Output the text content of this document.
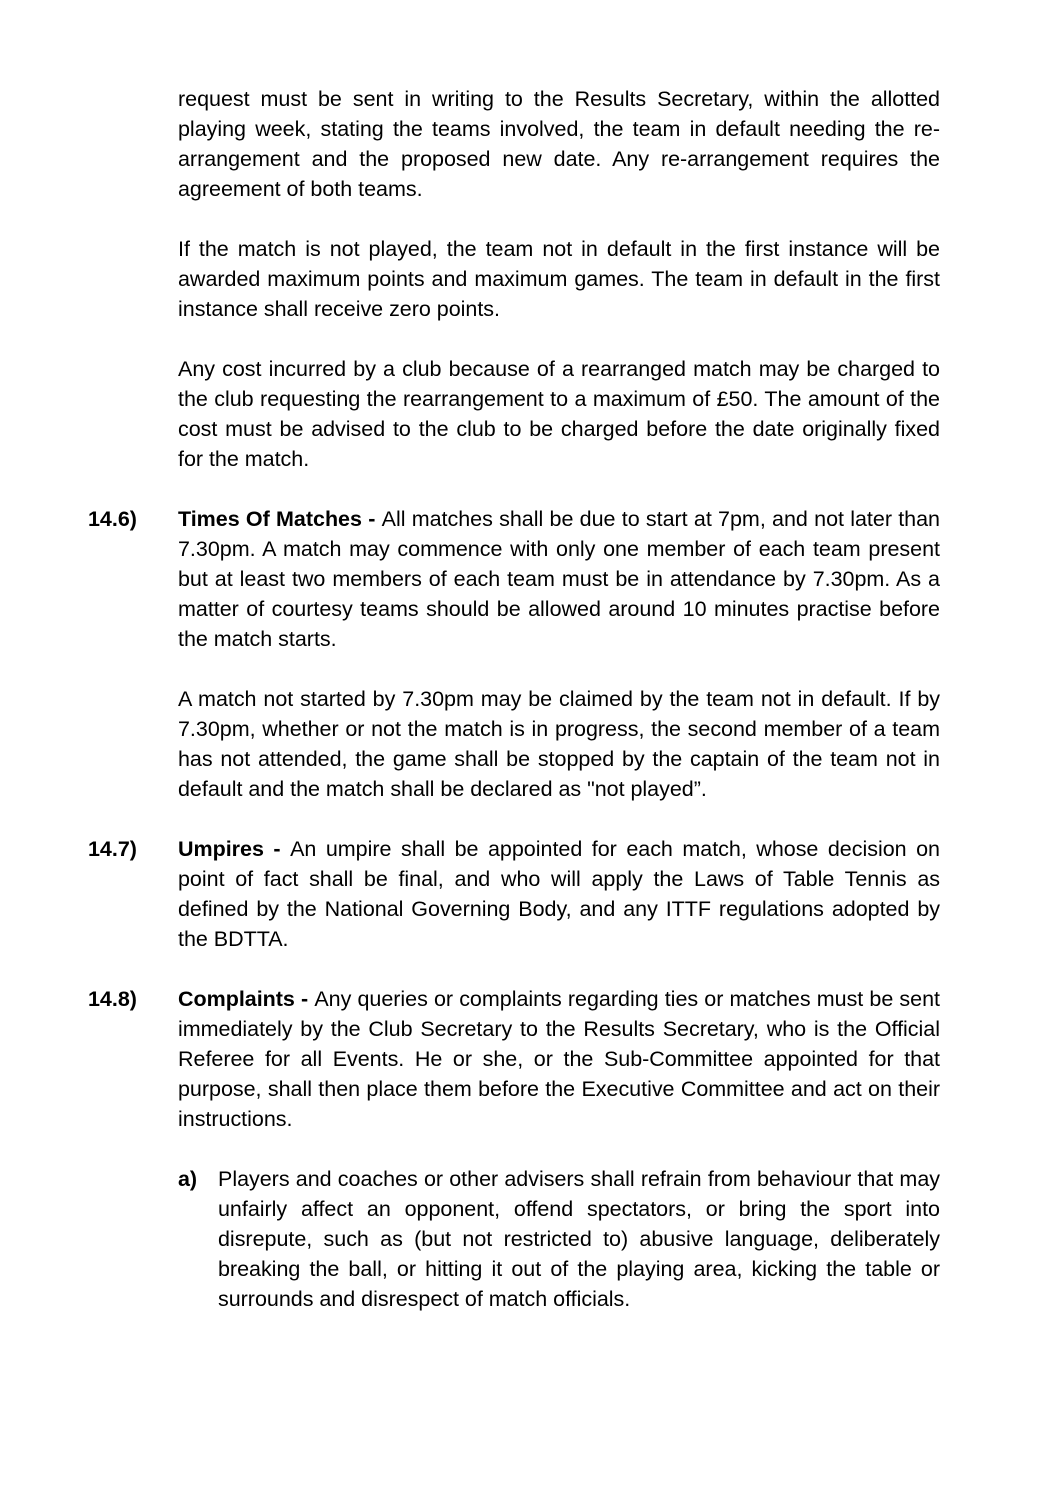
request must be sent in writing to the Results Secretary, within the allotted playing week, stating the teams involved, the team in default needing the re-arrangement and the proposed new date. Any re-arrangement requires the agreement of both teams.

If the match is not played, the team not in default in the first instance will be awarded maximum points and maximum games. The team in default in the first instance shall receive zero points.

Any cost incurred by a club because of a rearranged match may be charged to the club requesting the rearrangement to a maximum of £50. The amount of the cost must be advised to the club to be charged before the date originally fixed for the match.

14.6) Times Of Matches - All matches shall be due to start at 7pm, and not later than 7.30pm. A match may commence with only one member of each team present but at least two members of each team must be in attendance by 7.30pm. As a matter of courtesy teams should be allowed around 10 minutes practise before the match starts.

A match not started by 7.30pm may be claimed by the team not in default. If by 7.30pm, whether or not the match is in progress, the second member of a team has not attended, the game shall be stopped by the captain of the team not in default and the match shall be declared as "not played”.

14.7) Umpires - An umpire shall be appointed for each match, whose decision on point of fact shall be final, and who will apply the Laws of Table Tennis as defined by the National Governing Body, and any ITTF regulations adopted by the BDTTA.

14.8) Complaints - Any queries or complaints regarding ties or matches must be sent immediately by the Club Secretary to the Results Secretary, who is the Official Referee for all Events. He or she, or the Sub-Committee appointed for that purpose, shall then place them before the Executive Committee and act on their instructions.

a) Players and coaches or other advisers shall refrain from behaviour that may unfairly affect an opponent, offend spectators, or bring the sport into disrepute, such as (but not restricted to) abusive language, deliberately breaking the ball, or hitting it out of the playing area, kicking the table or surrounds and disrespect of match officials.
